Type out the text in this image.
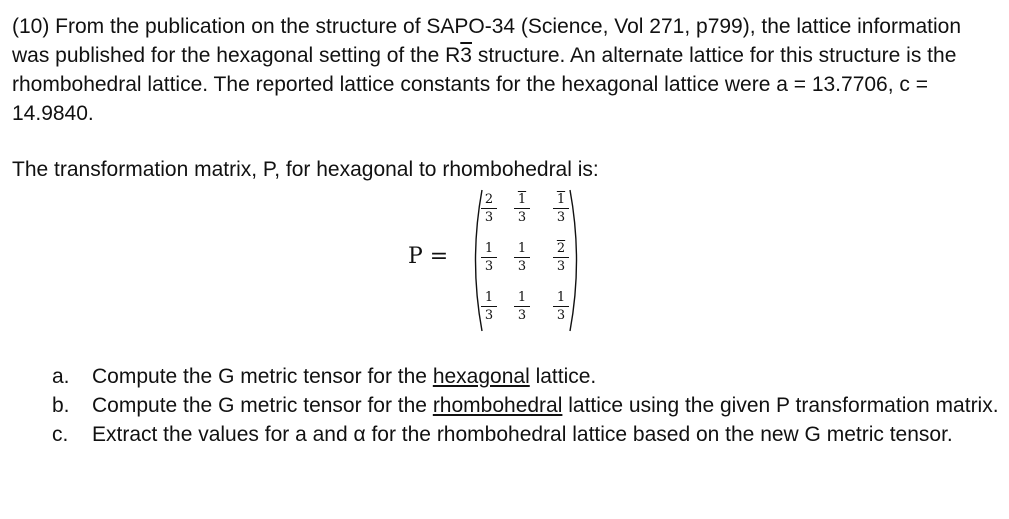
(10) From the publication on the structure of SAPO-34 (Science, Vol 271, p799), the lattice information was published for the hexagonal setting of the R3 structure. An alternate lattice for this structure is the rhombohedral lattice. The reported lattice constants for the hexagonal lattice were a = 13.7706, c = 14.9840.

The transformation matrix, P, for hexagonal to rhombohedral is:

P =
2
3
1
3
1
3
1
3
1
3
2
3
1
3
1
3
1
3
a. Compute the G metric tensor for the hexagonal lattice.
b. Compute the G metric tensor for the rhombohedral lattice using the given P transformation matrix.
c. Extract the values for a and α for the rhombohedral lattice based on the new G metric tensor.
